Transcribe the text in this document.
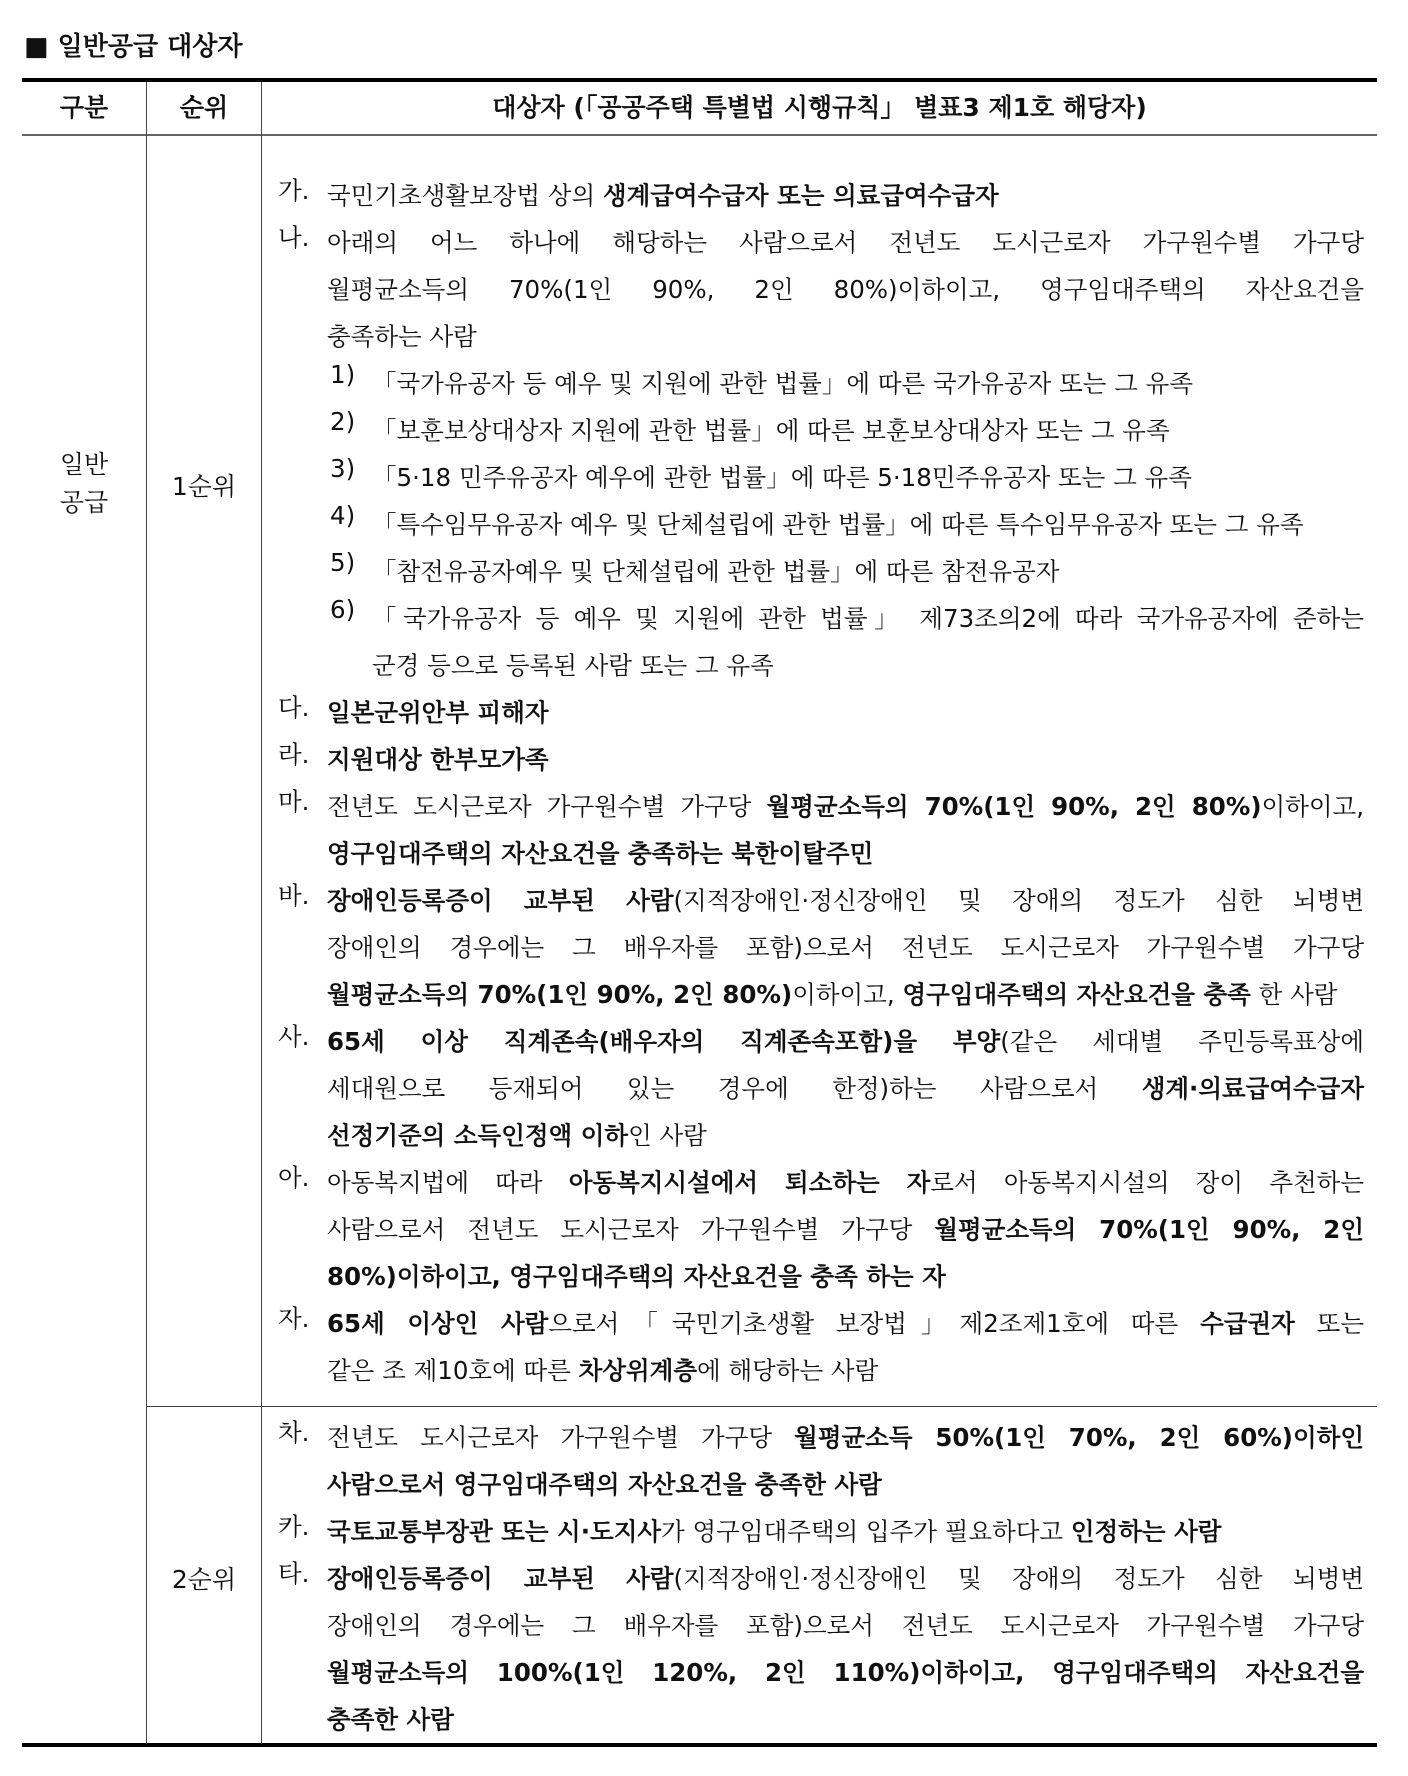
■ 일반공급 대상자
구분	순위	대상자 (「공공주택 특별법 시행규칙」 별표3 제1호 해당자)
일반
공급
1순위
2순위
가. 국민기초생활보장법 상의 생계급여수급자 또는 의료급여수급자
나. 아래의 어느 하나에 해당하는 사람으로서 전년도 도시근로자 가구원수별 가구당
월평균소득의 70%(1인 90%, 2인 80%)이하이고, 영구임대주택의 자산요건을
충족하는 사람
1) 「국가유공자 등 예우 및 지원에 관한 법률」에 따른 국가유공자 또는 그 유족
2) 「보훈보상대상자 지원에 관한 법률」에 따른 보훈보상대상자 또는 그 유족
3) 「5·18 민주유공자 예우에 관한 법률」에 따른 5·18민주유공자 또는 그 유족
4) 「특수임무유공자 예우 및 단체설립에 관한 법률」에 따른 특수임무유공자 또는 그 유족
5) 「참전유공자예우 및 단체설립에 관한 법률」에 따른 참전유공자
6) 「국가유공자 등 예우 및 지원에 관한 법률」 제73조의2에 따라 국가유공자에 준하는
군경 등으로 등록된 사람 또는 그 유족
다. 일본군위안부 피해자
라. 지원대상 한부모가족
마. 전년도 도시근로자 가구원수별 가구당 월평균소득의 70%(1인 90%, 2인 80%)이하이고,
영구임대주택의 자산요건을 충족하는 북한이탈주민
바. 장애인등록증이 교부된 사람(지적장애인·정신장애인 및 장애의 정도가 심한 뇌병변
장애인의 경우에는 그 배우자를 포함)으로서 전년도 도시근로자 가구원수별 가구당
월평균소득의 70%(1인 90%, 2인 80%)이하이고, 영구임대주택의 자산요건을 충족 한 사람
사. 65세 이상 직계존속(배우자의 직계존속포함)을 부양(같은 세대별 주민등록표상에
세대원으로 등재되어 있는 경우에 한정)하는 사람으로서 생계·의료급여수급자
선정기준의 소득인정액 이하인 사람
아. 아동복지법에 따라 아동복지시설에서 퇴소하는 자로서 아동복지시설의 장이 추천하는
사람으로서 전년도 도시근로자 가구원수별 가구당 월평균소득의 70%(1인 90%, 2인
80%)이하이고, 영구임대주택의 자산요건을 충족 하는 자
자. 65세 이상인 사람으로서「국민기초생활 보장법」제2조제1호에 따른 수급권자 또는
같은 조 제10호에 따른 차상위계층에 해당하는 사람
차. 전년도 도시근로자 가구원수별 가구당 월평균소득 50%(1인 70%, 2인 60%)이하인
사람으로서 영구임대주택의 자산요건을 충족한 사람
카. 국토교통부장관 또는 시·도지사가 영구임대주택의 입주가 필요하다고 인정하는 사람
타. 장애인등록증이 교부된 사람(지적장애인·정신장애인 및 장애의 정도가 심한 뇌병변
장애인의 경우에는 그 배우자를 포함)으로서 전년도 도시근로자 가구원수별 가구당
월평균소득의 100%(1인 120%, 2인 110%)이하이고, 영구임대주택의 자산요건을
충족한 사람
